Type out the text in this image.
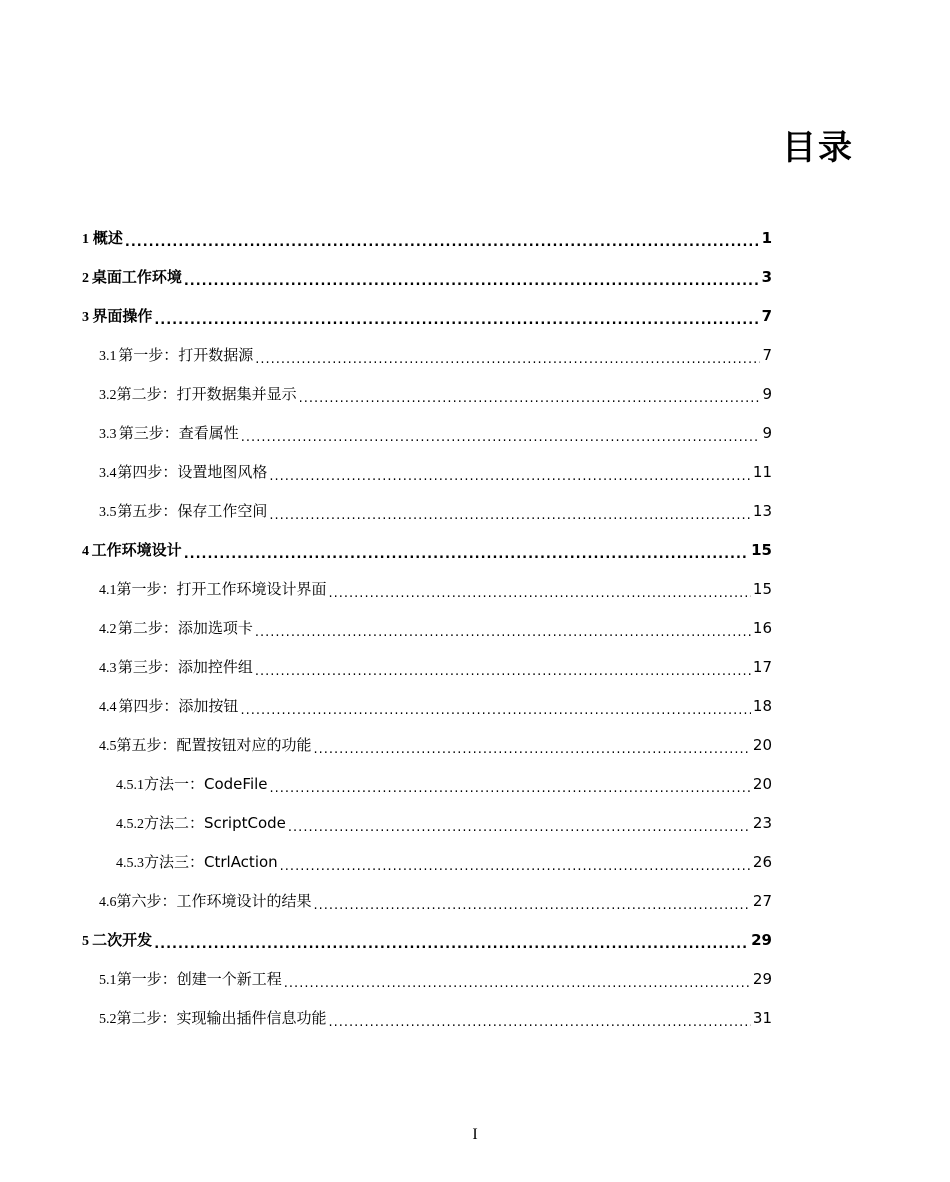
目录
1 概述 .....	1
2 桌面工作环境 .....	3
3 界面操作 .....	7
3.1 第一步：打开数据源 .....	7
3.2 第二步：打开数据集并显示 .....	9
3.3 第三步：查看属性 .....	9
3.4 第四步：设置地图风格 .....	11
3.5 第五步：保存工作空间 .....	13
4 工作环境设计 .....	15
4.1 第一步：打开工作环境设计界面 .....	15
4.2 第二步：添加选项卡 .....	16
4.3 第三步：添加控件组 .....	17
4.4 第四步：添加按钮 .....	18
4.5 第五步：配置按钮对应的功能 .....	20
4.5.1 方法一：CodeFile .....	20
4.5.2 方法二：ScriptCode .....	23
4.5.3 方法三：CtrlAction .....	26
4.6 第六步：工作环境设计的结果 .....	27
5 二次开发 .....	29
5.1 第一步：创建一个新工程 .....	29
5.2 第二步：实现输出插件信息功能 .....	31
I
